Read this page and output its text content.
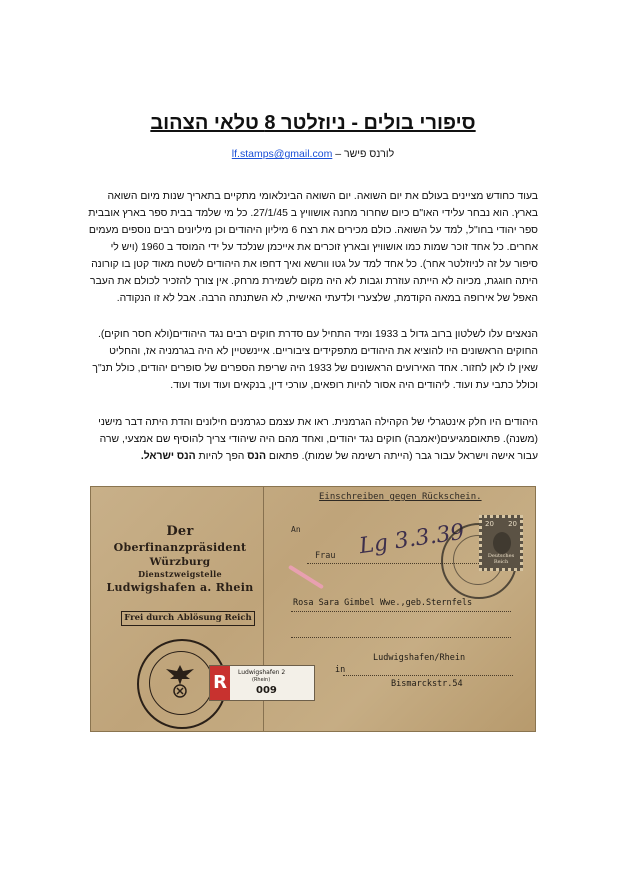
סיפורי בולים - ניוזלטר 8 טלאי הצהוב
לורנס פישר – lf.stamps@gmail.com
בעוד כחודש מציינים בעולם את יום השואה. יום השואה הבינלאומי מתקיים בתאריך שנות מיום השואה בארץ. הוא נבחר עלידי האו"ם כיום שחרור מחנה אושוויץ ב 27/1/45. כל מי שלמד בבית ספר בארץ אובבית ספר יהודי בחו"ל, למד על השואה. כולם מכירים את רצח 6 מיליון היהודים וכן מיליונים רבים נוספים מעמים אחרים. כל אחד זוכר שמות כמו אושוויץ ובארץ זוכרים את אייכמן שנלכד על ידי המוסד ב 1960 (ויש לי סיפור על זה לניוזלטר אחר). כל אחד למד על גטו וורשא ואיך דחפו את היהודים לשטח מאוד קטן בו קורונה היתה חוגגת, מכיוה לא הייתה עוזרת וגבות לא היה מקום לשמירת מרחק. אין צורך להזכיר לכולם את העבר האפל של אירופה במאה הקודמת, שלצערי ולדעתי האישית, לא השתנתה הרבה. אבל לא זו הנקודה.
הנאצים עלו לשלטון ברוב גדול ב 1933 ומיד התחיל עם סדרת חוקים רבים נגד היהודים(ולא חסר חוקים). החוקים הראשונים היו להוציא את היהודים מתפקידים ציבוריים. איינשטיין לא היה בגרמניה אז, והחליט שאין לו לאן לחזור. אחד האירועים הראשונים של 1933 היה שריפת הספרים של סופרים יהודים, כולל תנ"ך וכולל כתבי עת ועוד. ליהודים היה אסור להיות רופאים, עורכי דין, בנקאים ועוד ועוד ועוד.
היהודים היו חלק אינטגרלי של הקהילה הגרמנית. ראו את עצמם כגרמנים חילונים והדת היתה דבר מישני (משנה). פתאוםמגיעים(יאמבה) חוקים נגד יהודים, ואחד מהם היה שיהודי צריך להוסיף שם אמצעי, שרה עבור אישה וישראל עבור גבר (הייתה רשימה של שמות). פתאום הנס הפך להיות הנס ישראל.
Der
Oberfinanzpräsident
Würzburg
Dienstzweigstelle
Ludwigshafen a. Rhein
Frei durch Ablösung Reich
Einschreiben gegen Rückschein.
An
Frau Lg 3.3.39
Rosa Sara Gimbel Wwe.,geb.Sternfels
in
Ludwigshafen/Rhein
Bismarckstr.54
20 20
Deutsches Reich
R	Ludwigshafen 2
(Rhein)
009
